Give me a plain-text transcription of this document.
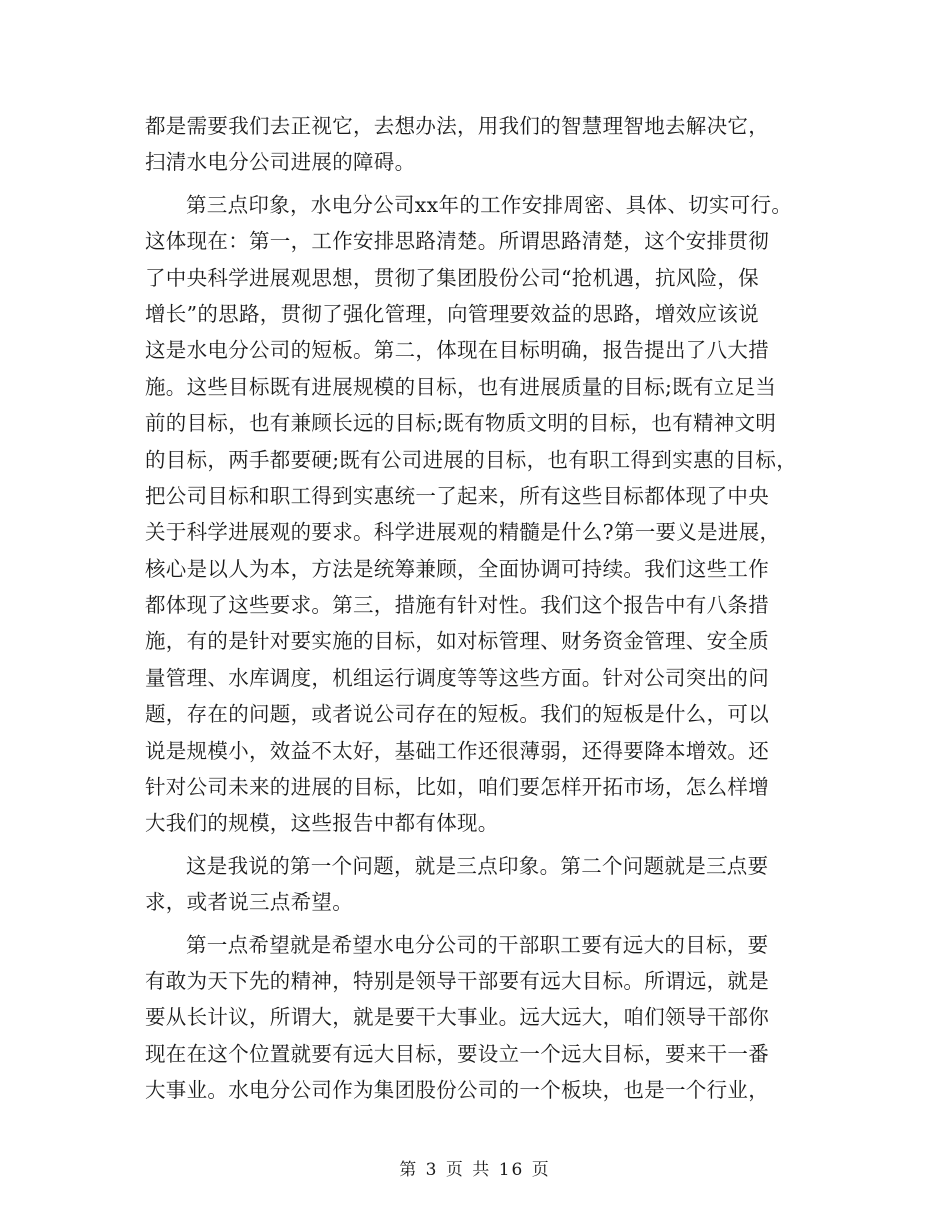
都是需要我们去正视它，去想办法，用我们的智慧理智地去解决它，
扫清水电分公司进展的障碍。
第三点印象，水电分公司xx年的工作安排周密、具体、切实可行。
这体现在：第一，工作安排思路清楚。所谓思路清楚，这个安排贯彻
了中央科学进展观思想，贯彻了集团股份公司“抢机遇，抗风险，保
增长”的思路，贯彻了强化管理，向管理要效益的思路，增效应该说
这是水电分公司的短板。第二，体现在目标明确，报告提出了八大措
施。这些目标既有进展规模的目标，也有进展质量的目标;既有立足当
前的目标，也有兼顾长远的目标;既有物质文明的目标，也有精神文明
的目标，两手都要硬;既有公司进展的目标，也有职工得到实惠的目标，
把公司目标和职工得到实惠统一了起来，所有这些目标都体现了中央
关于科学进展观的要求。科学进展观的精髓是什么?第一要义是进展，
核心是以人为本，方法是统筹兼顾，全面协调可持续。我们这些工作
都体现了这些要求。第三，措施有针对性。我们这个报告中有八条措
施，有的是针对要实施的目标，如对标管理、财务资金管理、安全质
量管理、水库调度，机组运行调度等等这些方面。针对公司突出的问
题，存在的问题，或者说公司存在的短板。我们的短板是什么，可以
说是规模小，效益不太好，基础工作还很薄弱，还得要降本增效。还
针对公司未来的进展的目标，比如，咱们要怎样开拓市场，怎么样增
大我们的规模，这些报告中都有体现。
这是我说的第一个问题，就是三点印象。第二个问题就是三点要
求，或者说三点希望。
第一点希望就是希望水电分公司的干部职工要有远大的目标，要
有敢为天下先的精神，特别是领导干部要有远大目标。所谓远，就是
要从长计议，所谓大，就是要干大事业。远大远大，咱们领导干部你
现在在这个位置就要有远大目标，要设立一个远大目标，要来干一番
大事业。水电分公司作为集团股份公司的一个板块，也是一个行业，
第 3 页 共 16 页
